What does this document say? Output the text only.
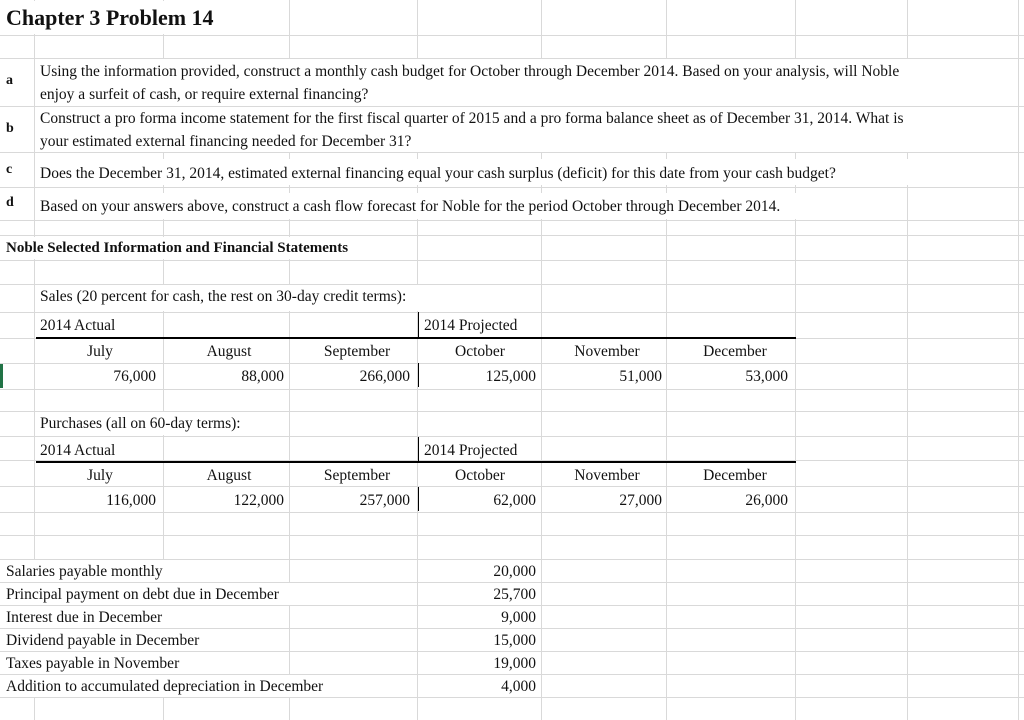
Chapter 3 Problem 14
a
b
c
d
Using the information provided, construct a monthly cash budget for October through December 2014. Based on your analysis, will Noble
enjoy a surfeit of cash, or require external financing?
Construct a pro forma income statement for the first fiscal quarter of 2015 and a pro forma balance sheet as of December 31, 2014. What is
your estimated external financing needed for December 31?
Does the December 31, 2014, estimated external financing equal your cash surplus (deficit) for this date from your cash budget?
Based on your answers above, construct a cash flow forecast for Noble for the period October through December 2014.
Noble Selected Information and Financial Statements
Sales (20 percent for cash, the rest on 30-day credit terms):
2014 Actual	2014 Projected
July	August	September	October	November	December
76,000	88,000	266,000	125,000	51,000	53,000
Purchases (all on 60-day terms):
2014 Actual	2014 Projected
July	August	September	October	November	December
116,000	122,000	257,000	62,000	27,000	26,000
Salaries payable monthly	20,000
Principal payment on debt due in December	25,700
Interest due in December	9,000
Dividend payable in December	15,000
Taxes payable in November	19,000
Addition to accumulated depreciation in December	4,000
